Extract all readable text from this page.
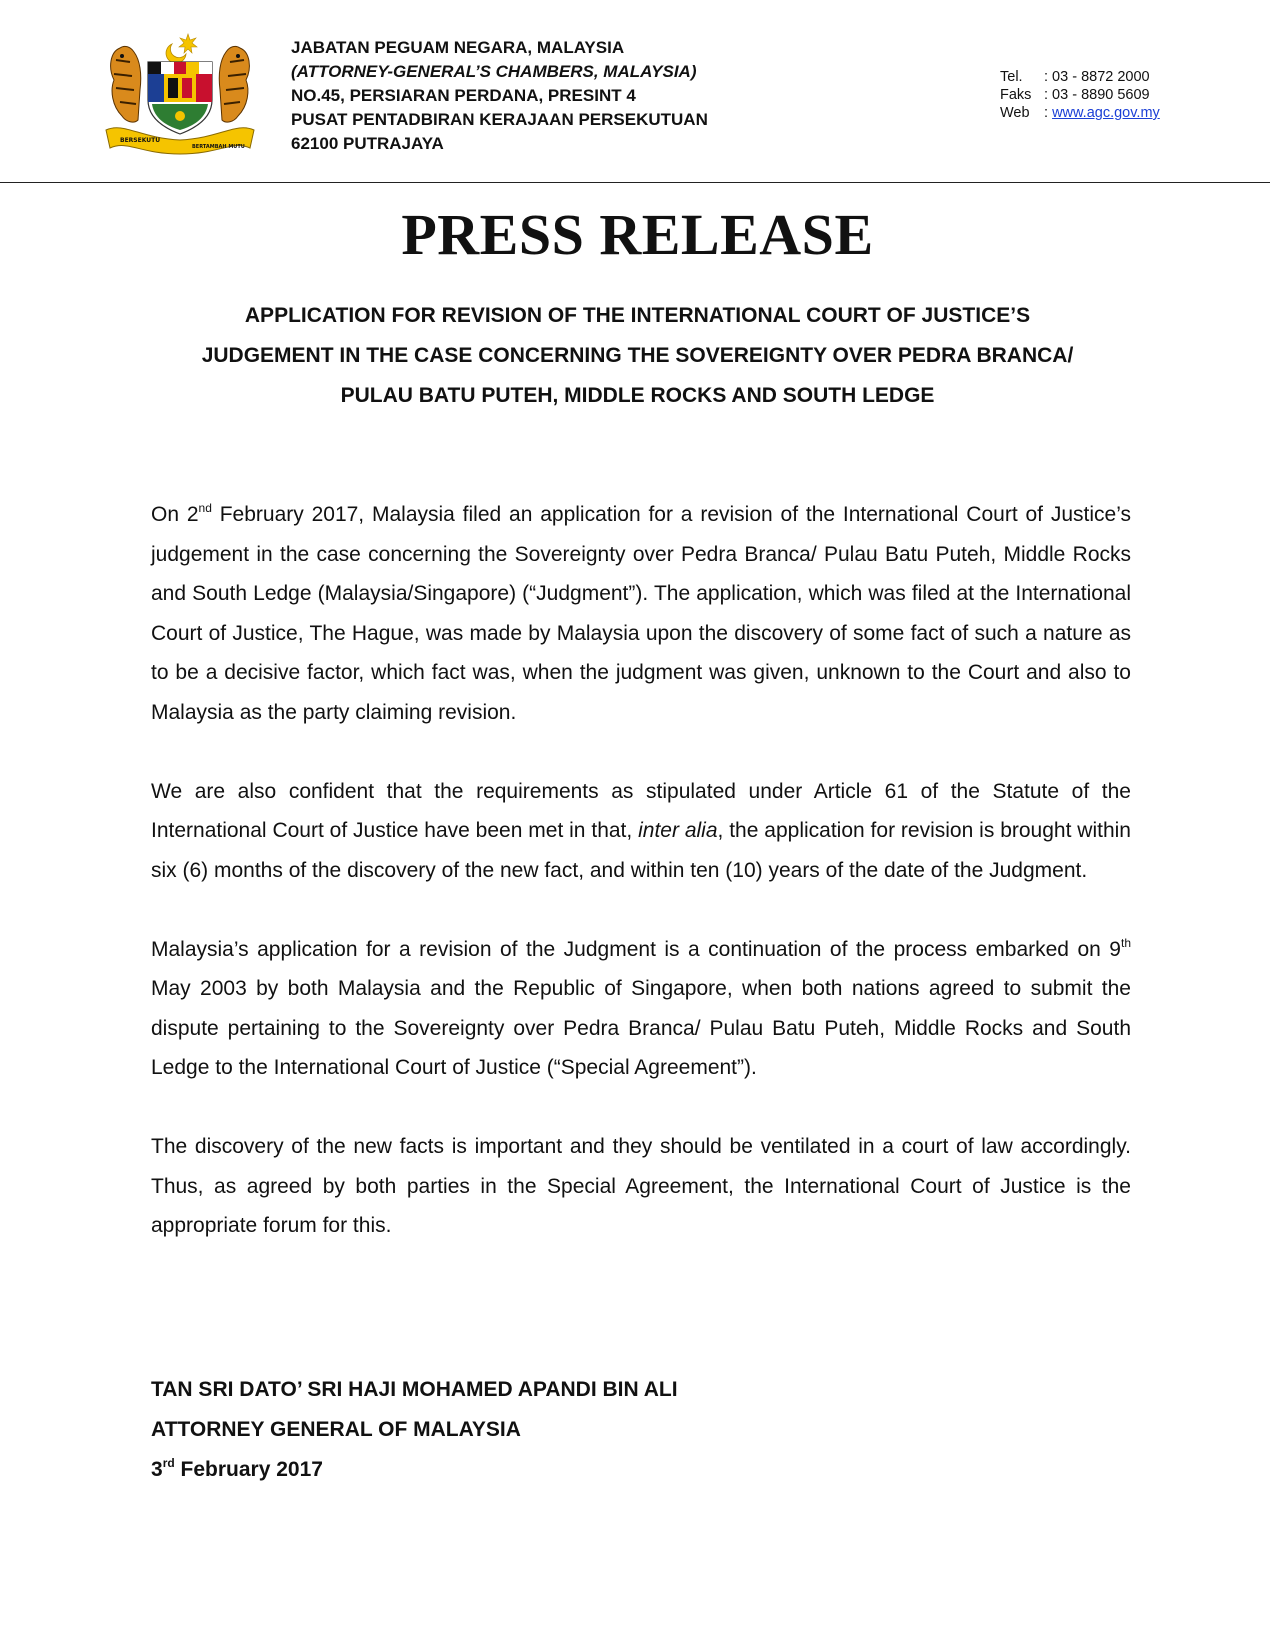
BERSEKUTU
BERTAMBAH MUTU
JABATAN PEGUAM NEGARA, MALAYSIA
(ATTORNEY-GENERAL’S CHAMBERS, MALAYSIA)
NO.45, PERSIARAN PERDANA, PRESINT 4
PUSAT PENTADBIRAN KERAJAAN PERSEKUTUAN
62100 PUTRAJAYA
Tel. : 03 - 8872 2000
Faks : 03 - 8890 5609
Web : www.agc.gov.my
PRESS RELEASE
APPLICATION FOR REVISION OF THE INTERNATIONAL COURT OF JUSTICE’S
JUDGEMENT IN THE CASE CONCERNING THE SOVEREIGNTY OVER PEDRA BRANCA/
PULAU BATU PUTEH, MIDDLE ROCKS AND SOUTH LEDGE

On 2nd February 2017, Malaysia filed an application for a revision of the International Court of Justice’s judgement in the case concerning the Sovereignty over Pedra Branca/ Pulau Batu Puteh, Middle Rocks and South Ledge (Malaysia/Singapore) (“Judgment”). The application, which was filed at the International Court of Justice, The Hague, was made by Malaysia upon the discovery of some fact of such a nature as to be a decisive factor, which fact was, when the judgment was given, unknown to the Court and also to Malaysia as the party claiming revision.

We are also confident that the requirements as stipulated under Article 61 of the Statute of the International Court of Justice have been met in that, inter alia, the application for revision is brought within six (6) months of the discovery of the new fact, and within ten (10) years of the date of the Judgment.

Malaysia’s application for a revision of the Judgment is a continuation of the process embarked on 9th May 2003 by both Malaysia and the Republic of Singapore, when both nations agreed to submit the dispute pertaining to the Sovereignty over Pedra Branca/ Pulau Batu Puteh, Middle Rocks and South Ledge to the International Court of Justice (“Special Agreement”).

The discovery of the new facts is important and they should be ventilated in a court of law accordingly. Thus, as agreed by both parties in the Special Agreement, the International Court of Justice is the appropriate forum for this.

TAN SRI DATO’ SRI HAJI MOHAMED APANDI BIN ALI
ATTORNEY GENERAL OF MALAYSIA
3rd February 2017
